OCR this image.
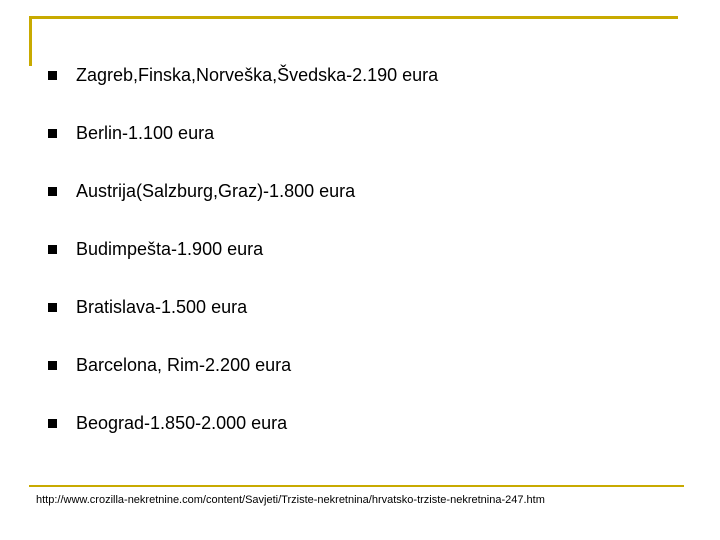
Zagreb,Finska,Norveška,Švedska-2.190 eura
Berlin-1.100 eura
Austrija(Salzburg,Graz)-1.800 eura
Budimpešta-1.900 eura
Bratislava-1.500 eura
Barcelona, Rim-2.200 eura
Beograd-1.850-2.000 eura
http://www.crozilla-nekretnine.com/content/Savjeti/Trziste-nekretnina/hrvatsko-trziste-nekretnina-247.htm
